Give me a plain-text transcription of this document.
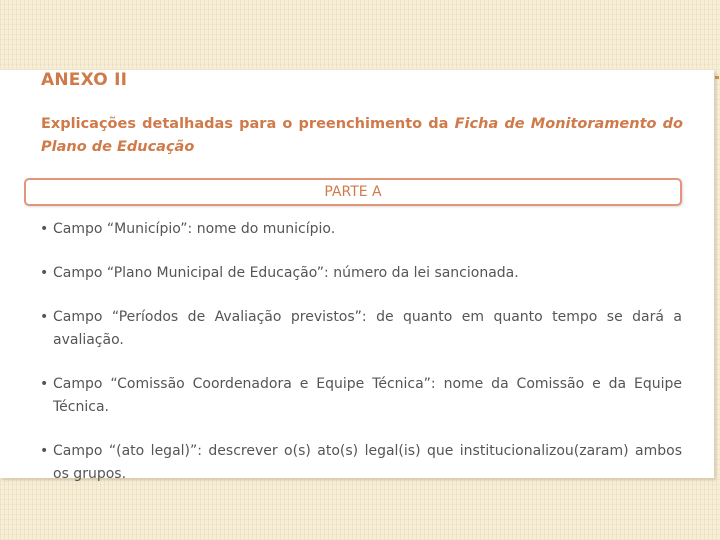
ANEXO II
Explicações detalhadas para o preenchimento da Ficha de Monitoramento do Plano de Educação
PARTE A
• Campo “Município”: nome do município.
• Campo “Plano Municipal de Educação”: número da lei sancionada.
• Campo “Períodos de Avaliação previstos”: de quanto em quanto tempo se dará a avaliação.
• Campo “Comissão Coordenadora e Equipe Técnica”: nome da Comissão e da Equipe Técnica.
• Campo “(ato legal)”: descrever o(s) ato(s) legal(is) que institucionalizou(zaram) ambos os grupos.
